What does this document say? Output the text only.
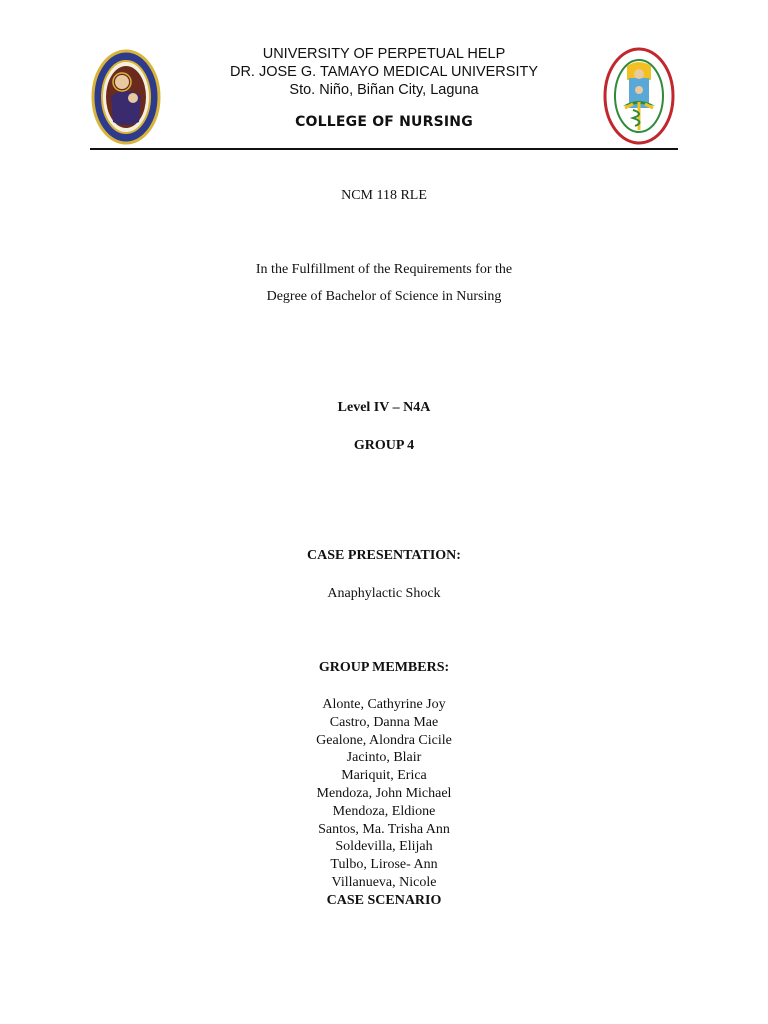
UNIVERSITY OF PERPETUAL HELP
DR. JOSE G. TAMAYO MEDICAL UNIVERSITY
Sto. Niño, Biñan City, Laguna
COLLEGE OF NURSING
NCM 118 RLE
In the Fulfillment of the Requirements for the
Degree of Bachelor of Science in Nursing
Level IV – N4A
GROUP 4
CASE PRESENTATION:
Anaphylactic Shock
GROUP MEMBERS:
Alonte, Cathyrine Joy
Castro, Danna Mae
Gealone, Alondra Cicile
Jacinto, Blair
Mariquit, Erica
Mendoza, John Michael
Mendoza, Eldione
Santos, Ma. Trisha Ann
Soldevilla, Elijah
Tulbo, Lirose- Ann
Villanueva, Nicole
CASE SCENARIO
